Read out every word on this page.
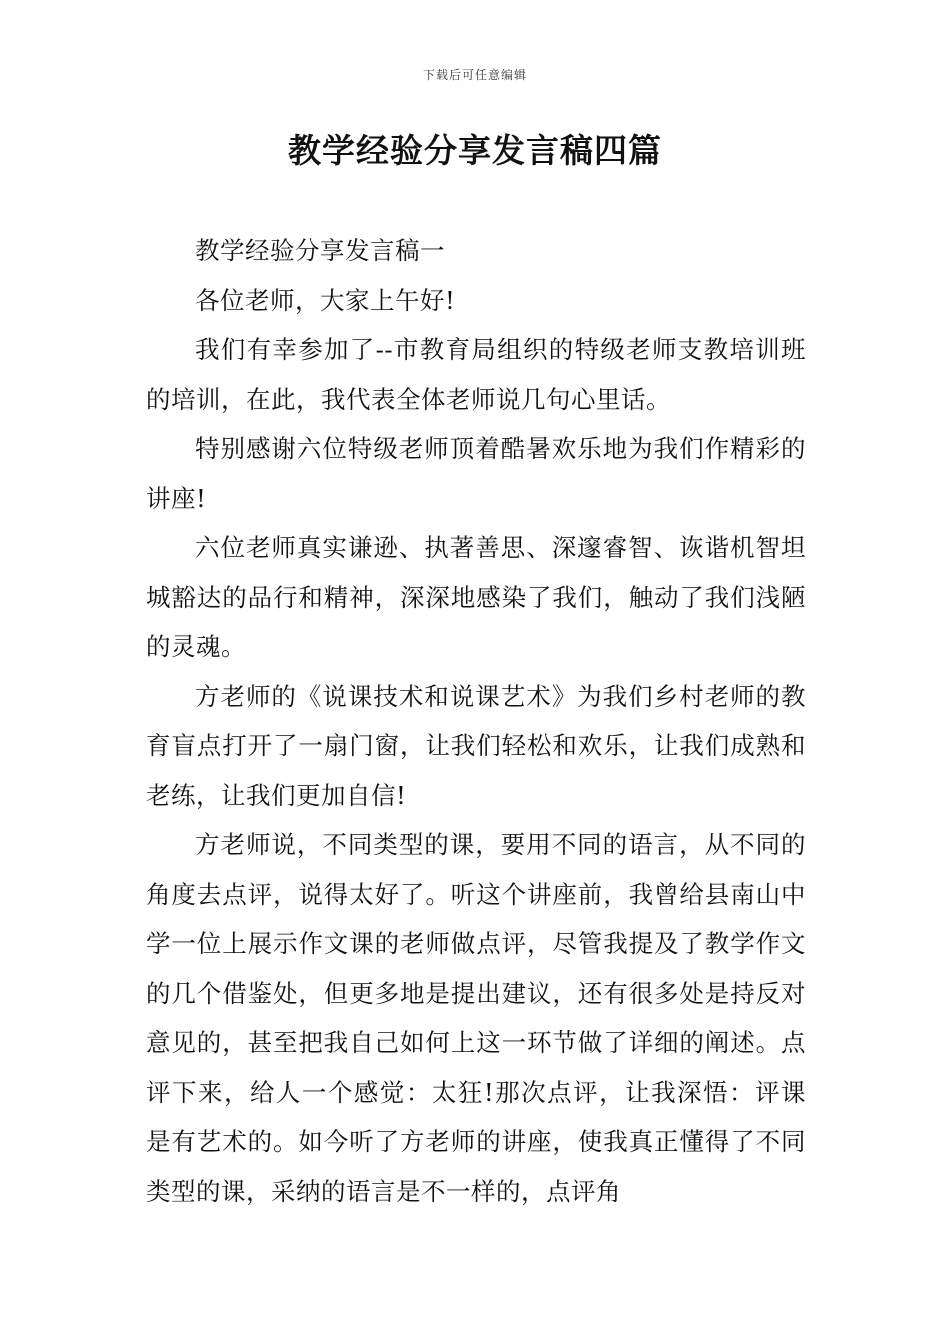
下载后可任意编辑
教学经验分享发言稿四篇

教学经验分享发言稿一

各位老师，大家上午好!

我们有幸参加了--市教育局组织的特级老师支教培训班的培训，在此，我代表全体老师说几句心里话。

特别感谢六位特级老师顶着酷暑欢乐地为我们作精彩的讲座!

六位老师真实谦逊、执著善思、深邃睿智、诙谐机智坦城豁达的品行和精神，深深地感染了我们，触动了我们浅陋的灵魂。

方老师的《说课技术和说课艺术》为我们乡村老师的教育盲点打开了一扇门窗，让我们轻松和欢乐，让我们成熟和老练，让我们更加自信!

方老师说，不同类型的课，要用不同的语言，从不同的角度去点评，说得太好了。听这个讲座前，我曾给县南山中学一位上展示作文课的老师做点评，尽管我提及了教学作文的几个借鉴处，但更多地是提出建议，还有很多处是持反对意见的，甚至把我自己如何上这一环节做了详细的阐述。点评下来，给人一个感觉：太狂!那次点评，让我深悟：评课是有艺术的。如今听了方老师的讲座，使我真正懂得了不同类型的课，采纳的语言是不一样的，点评角
